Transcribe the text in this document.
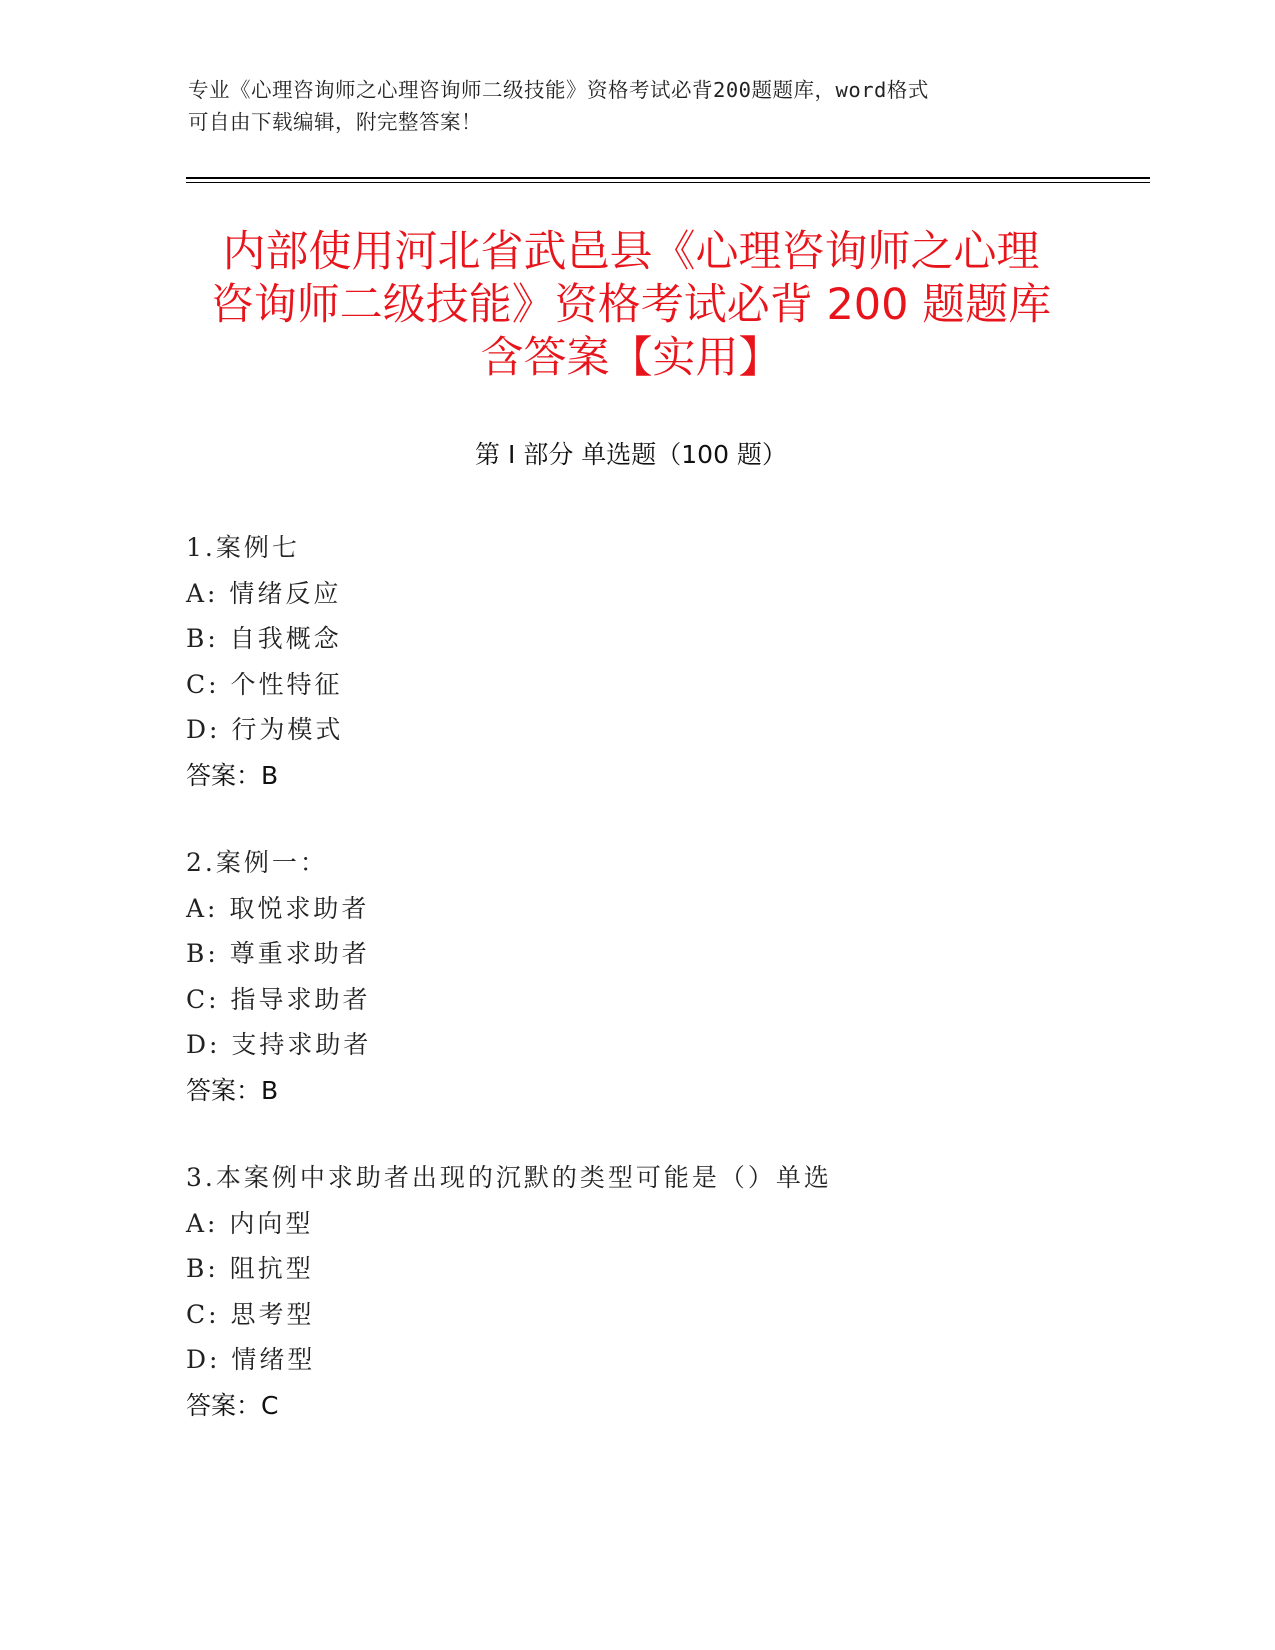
专业《心理咨询师之心理咨询师二级技能》资格考试必背200题题库，word格式
可自由下载编辑，附完整答案！
内部使用河北省武邑县《心理咨询师之心理
咨询师二级技能》资格考试必背 200 题题库
含答案【实用】
第 I 部分 单选题（100 题）
1.案例七
A: 情绪反应
B: 自我概念
C: 个性特征
D: 行为模式
答案：B
2.案例一：
A: 取悦求助者
B: 尊重求助者
C: 指导求助者
D: 支持求助者
答案：B
3.本案例中求助者出现的沉默的类型可能是（）单选
A: 内向型
B: 阻抗型
C: 思考型
D: 情绪型
答案：C
